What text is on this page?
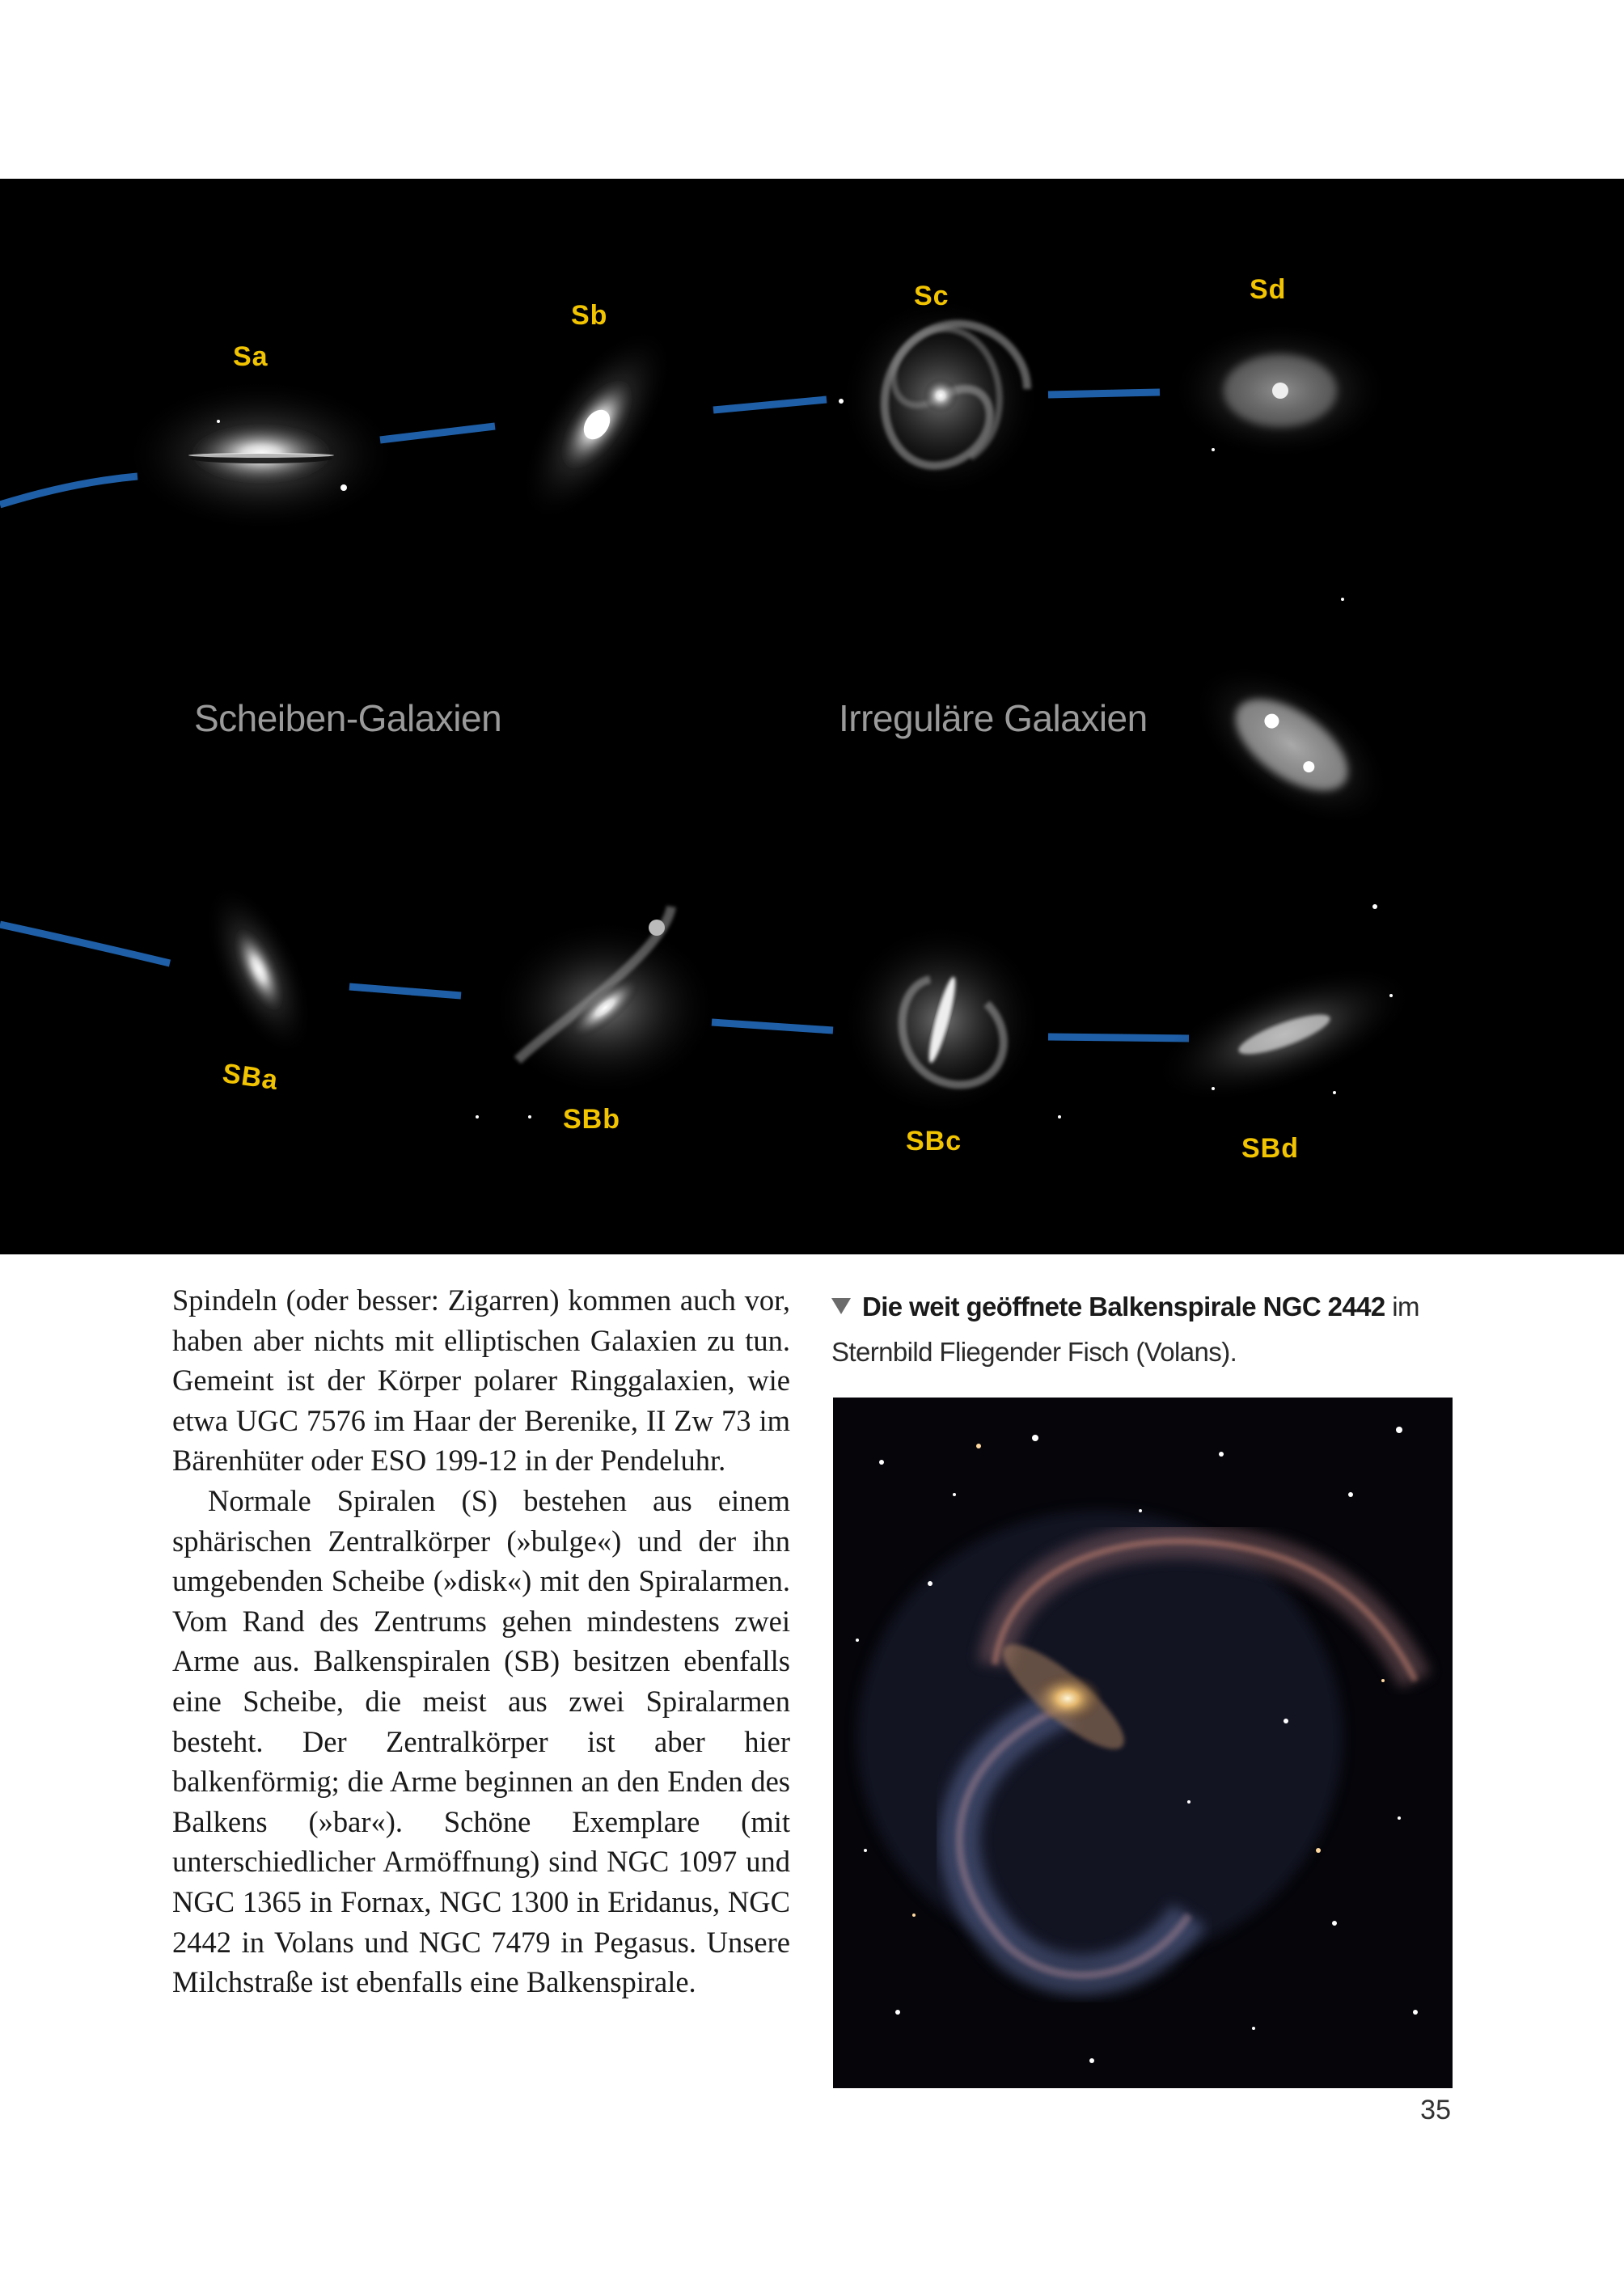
Sa
Sb
Sc	Sd
Scheiben-Galaxien	Irreguläre Galaxien
SBa
SBb
SBc	SBd

Spindeln (oder besser: Zigarren) kommen auch vor, haben aber nichts mit elliptischen Galaxien zu tun. Gemeint ist der Körper polarer Ringgalaxien, wie etwa UGC 7576 im Haar der Berenike, II Zw 73 im Bärenhüter oder ESO 199-12 in der Pendeluhr.

Normale Spiralen (S) bestehen aus einem sphärischen Zentralkörper (»bulge«) und der ihn umgebenden Scheibe (»disk«) mit den Spiralarmen. Vom Rand des Zentrums gehen mindestens zwei Arme aus. Balkenspiralen (SB) besitzen ebenfalls eine Scheibe, die meist aus zwei Spiralarmen besteht. Der Zentralkörper ist aber hier balkenförmig; die Arme beginnen an den Enden des Balkens (»bar«). Schöne Exemplare (mit unterschiedlicher Armöffnung) sind NGC 1097 und NGC 1365 in Fornax, NGC 1300 in Eridanus, NGC 2442 in Volans und NGC 7479 in Pegasus. Unsere Milchstraße ist ebenfalls eine Balkenspirale.

Die weit geöffnete Balkenspirale NGC 2442 im Sternbild Fliegender Fisch (Volans).
35
